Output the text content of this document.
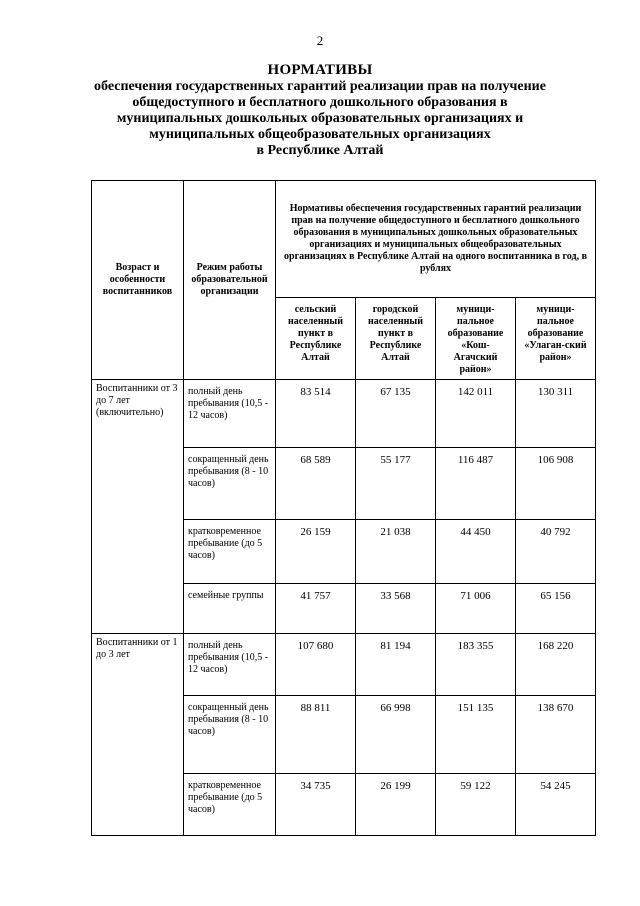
2
НОРМАТИВЫ
обеспечения государственных гарантий реализации прав на получение
общедоступного и бесплатного дошкольного образования в
муниципальных дошкольных образовательных организациях и
муниципальных общеобразовательных организациях
в Республике Алтай
Возраст и особенности воспитанников	Режим работы образовательной организации	Нормативы обеспечения государственных гарантий реализации прав на получение общедоступного и бесплатного дошкольного образования в муниципальных дошкольных образовательных организациях и муниципальных общеобразовательных организациях в Республике Алтай на одного воспитанника в год, в рублях			
		сельский населенный пункт в Республике Алтай	городской населенный пункт в Республике Алтай	муници-пальное образование «Кош-Агачский район»	муници-пальное образование «Улаган-ский район»
Воспитанники от 3 до 7 лет (включительно)	полный день пребывания (10,5 - 12 часов)	83 514	67 135	142 011	130 311
	сокращенный день пребывания (8 - 10 часов)	68 589	55 177	116 487	106 908
	кратковременное пребывание (до 5 часов)	26 159	21 038	44 450	40 792
	семейные группы	41 757	33 568	71 006	65 156
Воспитанники от 1 до 3 лет	полный день пребывания (10,5 - 12 часов)	107 680	81 194	183 355	168 220
	сокращенный день пребывания (8 - 10 часов)	88 811	66 998	151 135	138 670
	кратковременное пребывание (до 5 часов)	34 735	26 199	59 122	54 245
